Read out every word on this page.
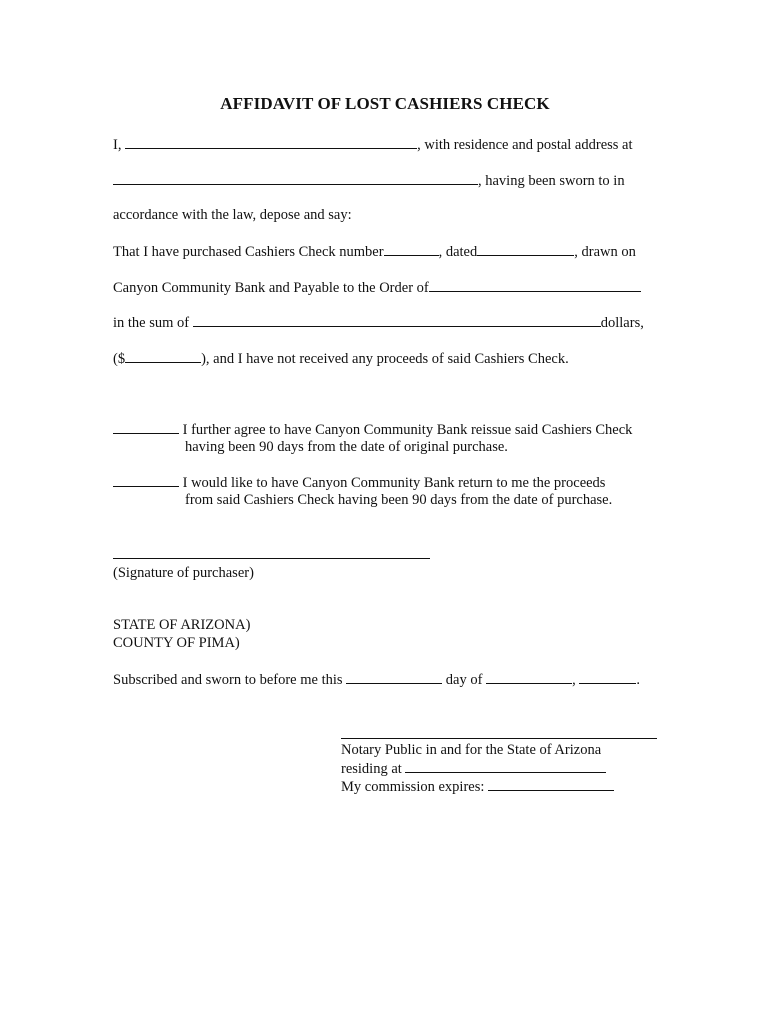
AFFIDAVIT OF LOST CASHIERS CHECK
I,	, with residence and postal address at
, having been sworn to in
accordance with the law, depose and say:
That I have purchased Cashiers Check number	, dated	, drawn on
Canyon Community Bank and Payable to the Order of
in the sum of	dollars,
($	), and I have not received any proceeds of said Cashiers Check.
I further agree to have Canyon Community Bank reissue said Cashiers Check
having been 90 days from the date of original purchase.
I would like to have Canyon Community Bank return to me the proceeds
from said Cashiers Check having been 90 days from the date of purchase.
(Signature of purchaser)
STATE OF ARIZONA)
COUNTY OF PIMA)
Subscribed and sworn to before me this	day of	,	.
Notary Public in and for the State of Arizona
residing at
My commission expires:
